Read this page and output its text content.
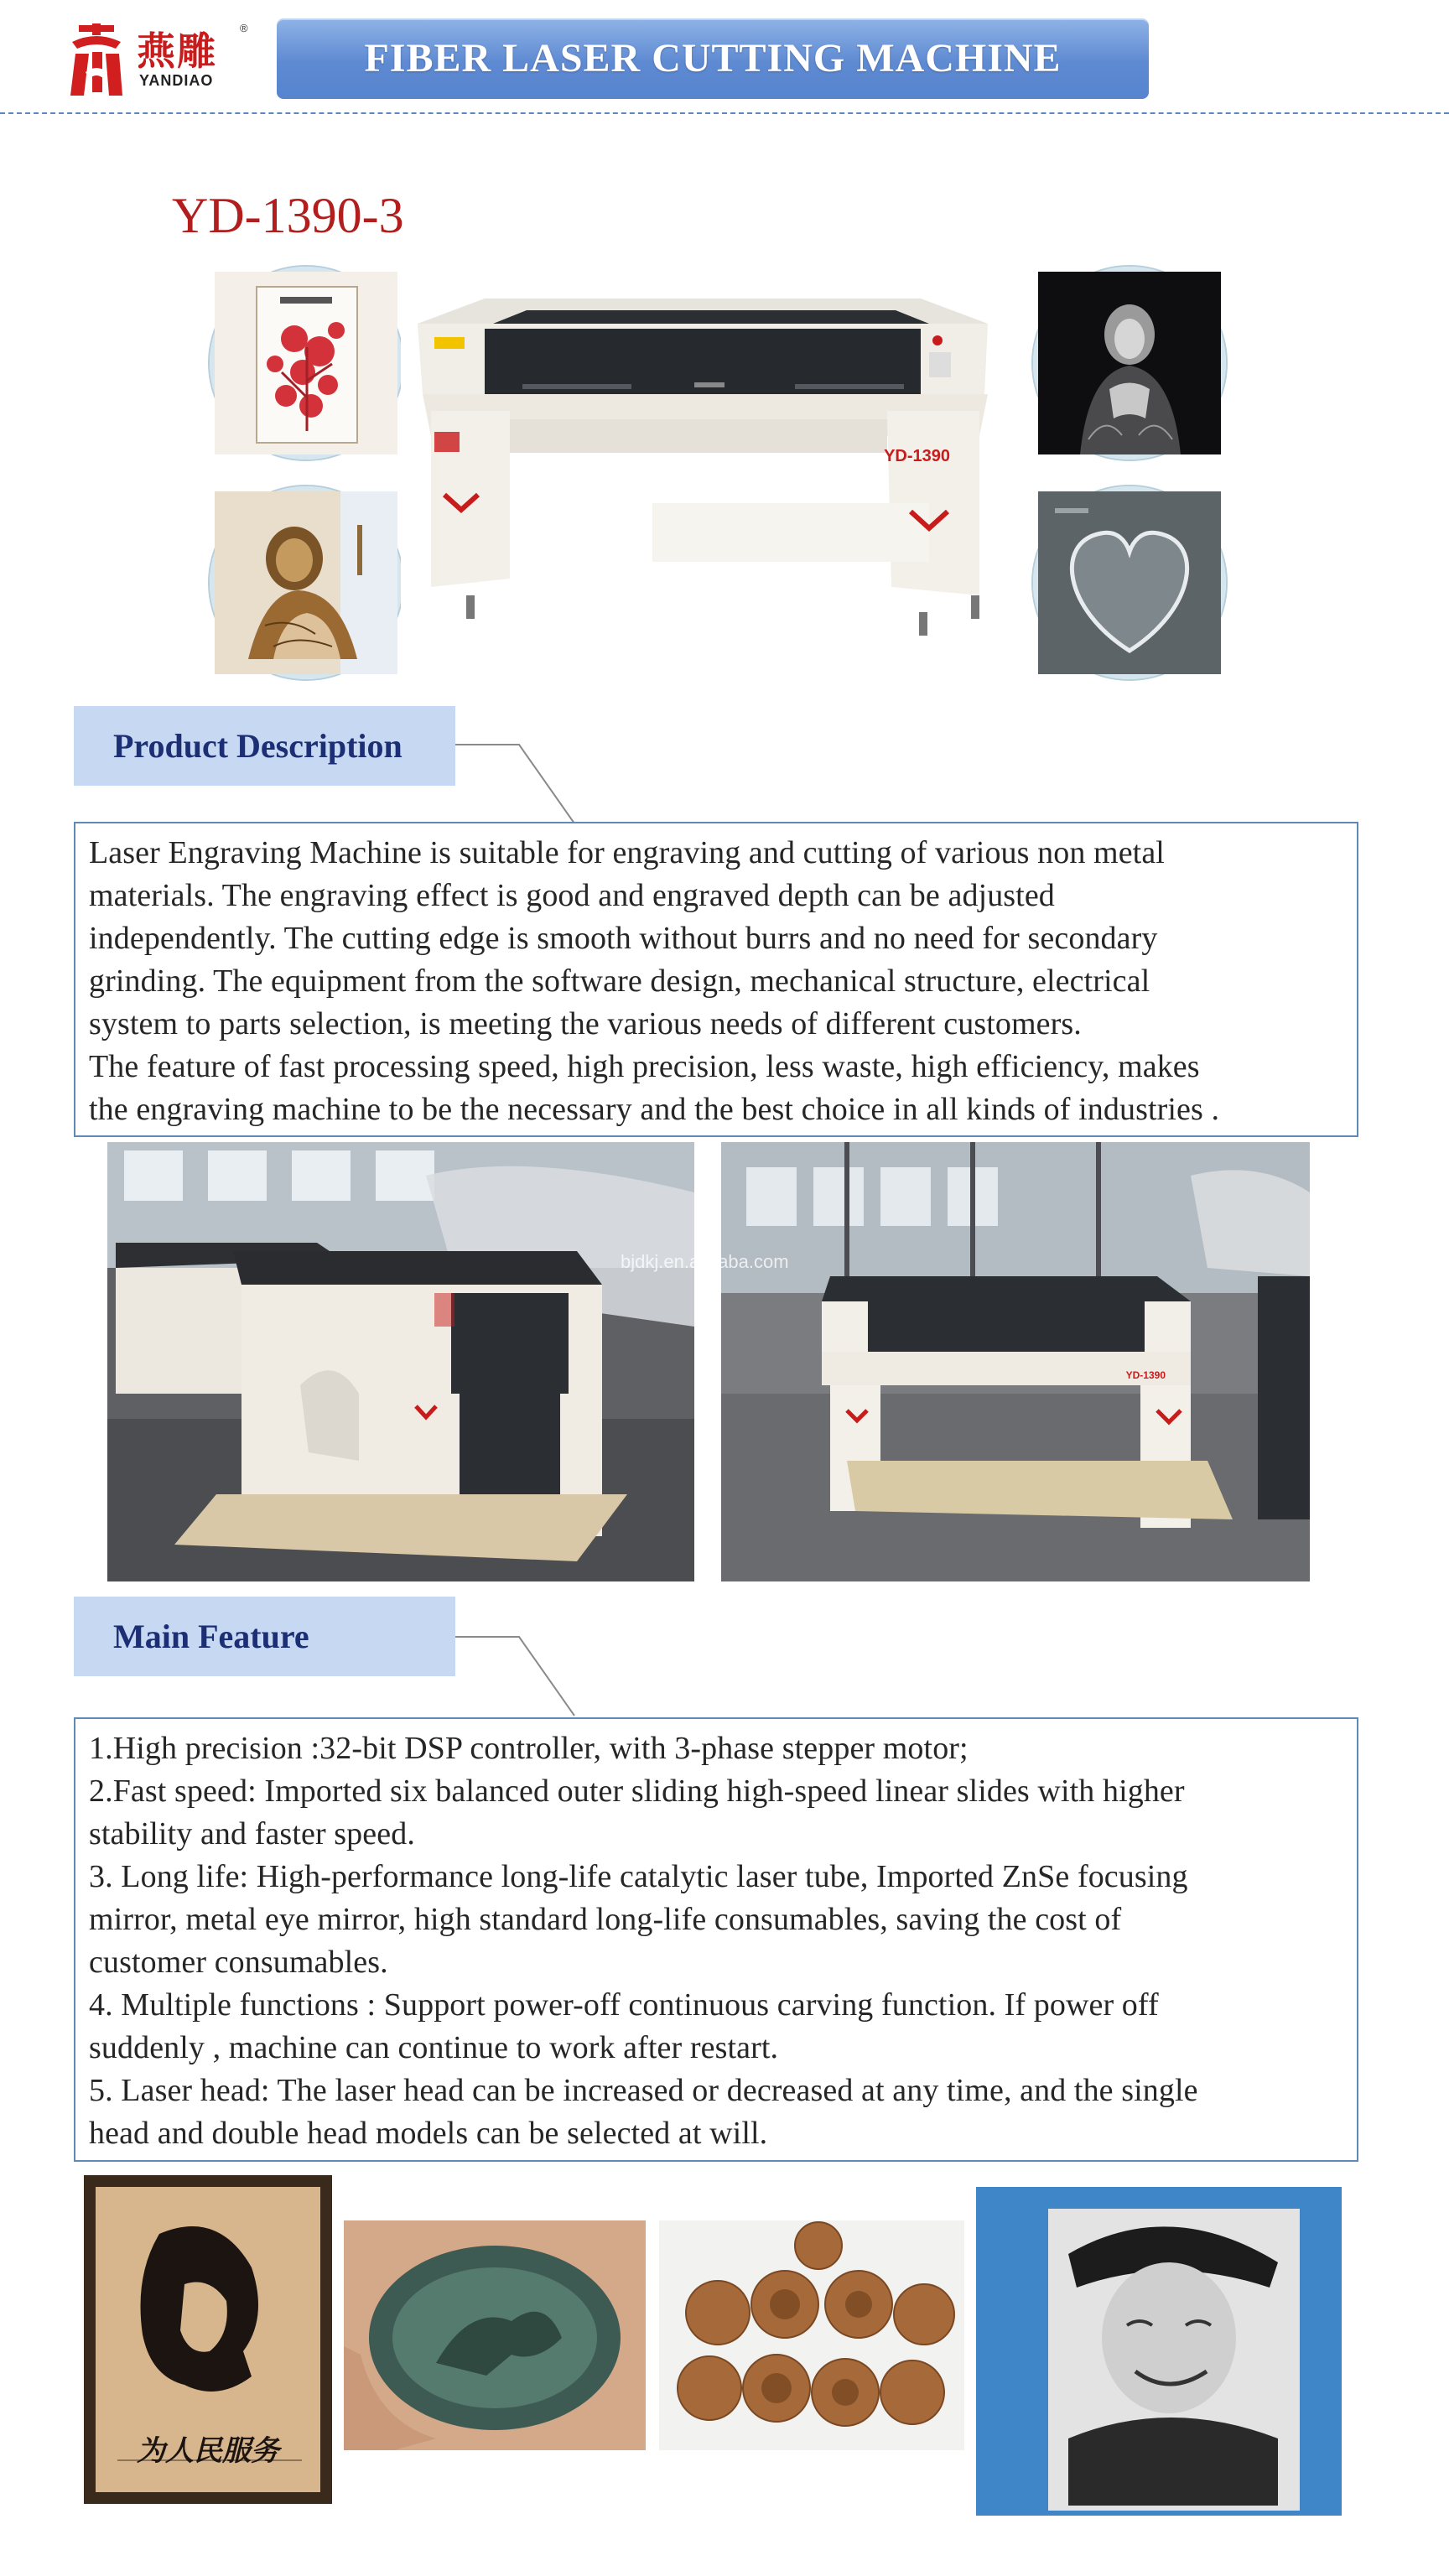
燕雕
YANDIAO
®
FIBER LASER CUTTING MACHINE
YD-1390-3
YD-1390
Product Description

Laser Engraving Machine is suitable for engraving and cutting of various non metal

materials. The engraving effect is good and engraved depth can be adjusted

independently. The cutting edge is smooth without burrs and no need for secondary

grinding. The equipment from the software design, mechanical structure, electrical

system to parts selection, is meeting the various needs of different customers.

The feature of fast processing speed, high precision, less waste, high efficiency, makes

the engraving machine to be the necessary and the best choice in all kinds of industries .

YD-1390
bjdkj.en.alibaba.com
Main Feature

1.High precision :32-bit DSP controller, with 3-phase stepper motor;

2.Fast speed: Imported six balanced outer sliding high-speed linear slides with higher

stability and faster speed.

3. Long life: High-performance long-life catalytic laser tube, Imported ZnSe focusing

mirror, metal eye mirror, high standard long-life consumables, saving the cost of

customer consumables.

4. Multiple functions : Support power-off continuous carving function. If power off

suddenly , machine can continue to work after restart.

5. Laser head: The laser head can be increased or decreased at any time, and the single

head and double head models can be selected at will.

为人民服务
